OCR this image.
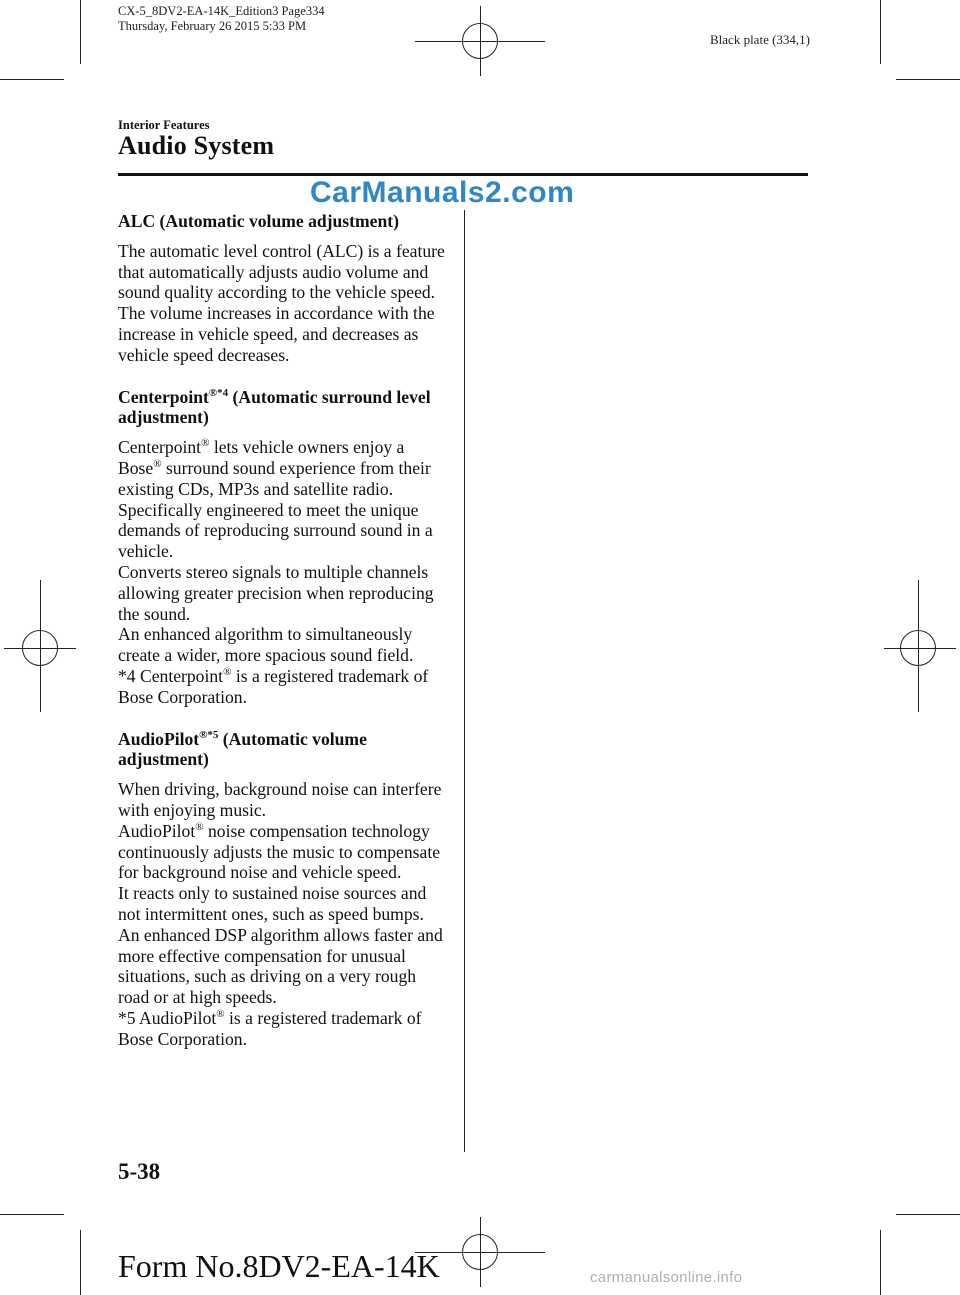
CX-5_8DV2-EA-14K_Edition3 Page334
Thursday, February 26 2015 5:33 PM
Black plate (334,1)
Interior Features
Audio System
CarManuals2.com
ALC (Automatic volume adjustment)

The automatic level control (ALC) is a feature that automatically adjusts audio volume and sound quality according to the vehicle speed. The volume increases in accordance with the increase in vehicle speed, and decreases as vehicle speed decreases.

Centerpoint$^{®*4}$ (Automatic surround level adjustment)

Centerpoint® lets vehicle owners enjoy a Bose® surround sound experience from their existing CDs, MP3s and satellite radio.

Specifically engineered to meet the unique demands of reproducing surround sound in a vehicle.

Converts stereo signals to multiple channels allowing greater precision when reproducing the sound.

An enhanced algorithm to simultaneously create a wider, more spacious sound field.

*4 Centerpoint® is a registered trademark of Bose Corporation.

AudioPilot$^{®*5}$ (Automatic volume adjustment)

When driving, background noise can interfere with enjoying music.

AudioPilot® noise compensation technology continuously adjusts the music to compensate for background noise and vehicle speed.

It reacts only to sustained noise sources and not intermittent ones, such as speed bumps.

An enhanced DSP algorithm allows faster and more effective compensation for unusual situations, such as driving on a very rough road or at high speeds.

*5 AudioPilot® is a registered trademark of Bose Corporation.

5-38
Form No.8DV2-EA-14K	carmanualsonline.info
